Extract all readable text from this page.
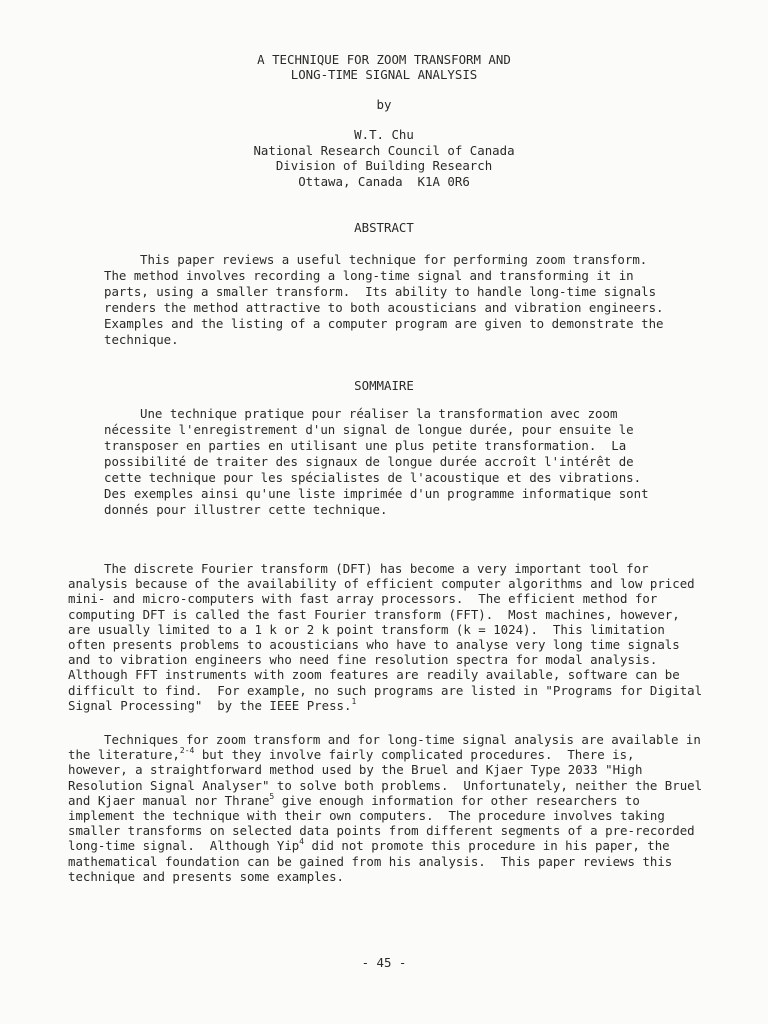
A TECHNIQUE FOR ZOOM TRANSFORM AND
LONG-TIME SIGNAL ANALYSIS
by
W.T. Chu
National Research Council of Canada
Division of Building Research
Ottawa, Canada  K1A 0R6
ABSTRACT
This paper reviews a useful technique for performing zoom transform.
The method involves recording a long-time signal and transforming it in
parts, using a smaller transform.  Its ability to handle long-time signals
renders the method attractive to both acousticians and vibration engineers.
Examples and the listing of a computer program are given to demonstrate the
technique.
SOMMAIRE
Une technique pratique pour réaliser la transformation avec zoom
nécessite l'enregistrement d'un signal de longue durée, pour ensuite le
transposer en parties en utilisant une plus petite transformation.  La
possibilité de traiter des signaux de longue durée accroît l'intérêt de
cette technique pour les spécialistes de l'acoustique et des vibrations.
Des exemples ainsi qu'une liste imprimée d'un programme informatique sont
donnés pour illustrer cette technique.
The discrete Fourier transform (DFT) has become a very important tool for
analysis because of the availability of efficient computer algorithms and low priced
mini- and micro-computers with fast array processors.  The efficient method for
computing DFT is called the fast Fourier transform (FFT).  Most machines, however,
are usually limited to a 1 k or 2 k point transform (k = 1024).  This limitation
often presents problems to acousticians who have to analyse very long time signals
and to vibration engineers who need fine resolution spectra for modal analysis.
Although FFT instruments with zoom features are readily available, software can be
difficult to find.  For example, no such programs are listed in "Programs for Digital
Signal Processing"  by the IEEE Press.$^1$
Techniques for zoom transform and for long-time signal analysis are available in
the literature,$^{2-4}$ but they involve fairly complicated procedures.  There is,
however, a straightforward method used by the Bruel and Kjaer Type 2033 "High
Resolution Signal Analyser" to solve both problems.  Unfortunately, neither the Bruel
and Kjaer manual nor Thrane$^5$ give enough information for other researchers to
implement the technique with their own computers.  The procedure involves taking
smaller transforms on selected data points from different segments of a pre-recorded
long-time signal.  Although Yip$^4$ did not promote this procedure in his paper, the
mathematical foundation can be gained from his analysis.  This paper reviews this
technique and presents some examples.
- 45 -
